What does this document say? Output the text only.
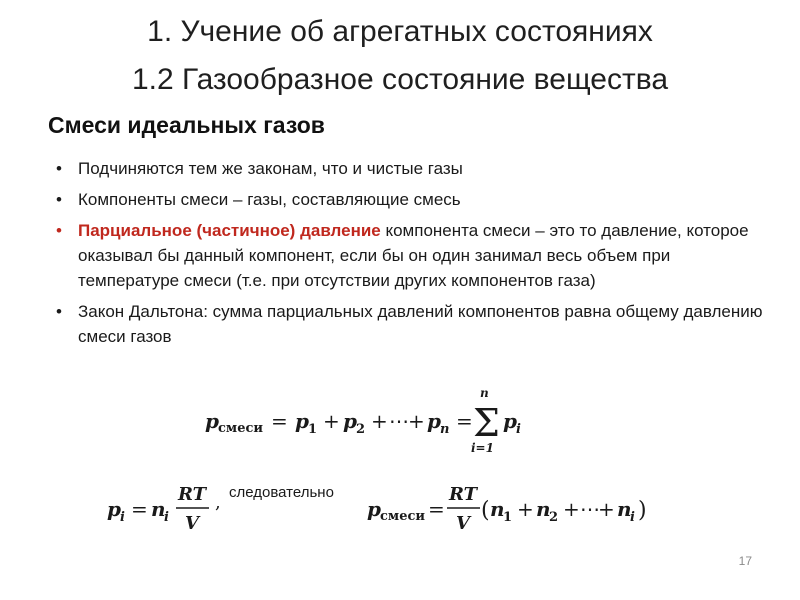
1. Учение об агрегатных состояниях
1.2 Газообразное состояние вещества
Смеси идеальных газов
• Подчиняются тем же законам, что и чистые газы
• Компоненты смеси – газы, составляющие смесь
• Парциальное (частичное) давление компонента смеси – это то давление, которое оказывал бы данный компонент, если бы он один занимал весь объем при температуре смеси (т.е. при отсутствии других компонентов газа)
• Закон Дальтона: сумма парциальных давлений компонентов равна общему давлению смеси газов
p смеси = p 1 + p 2 + ⋯ + p n =
n
Σ
i=1
p i
p i = n
i
RT
V
, следовательно
p смеси =
RT
V
( n
1 + n
2 + ⋯
+ n
i )
17
